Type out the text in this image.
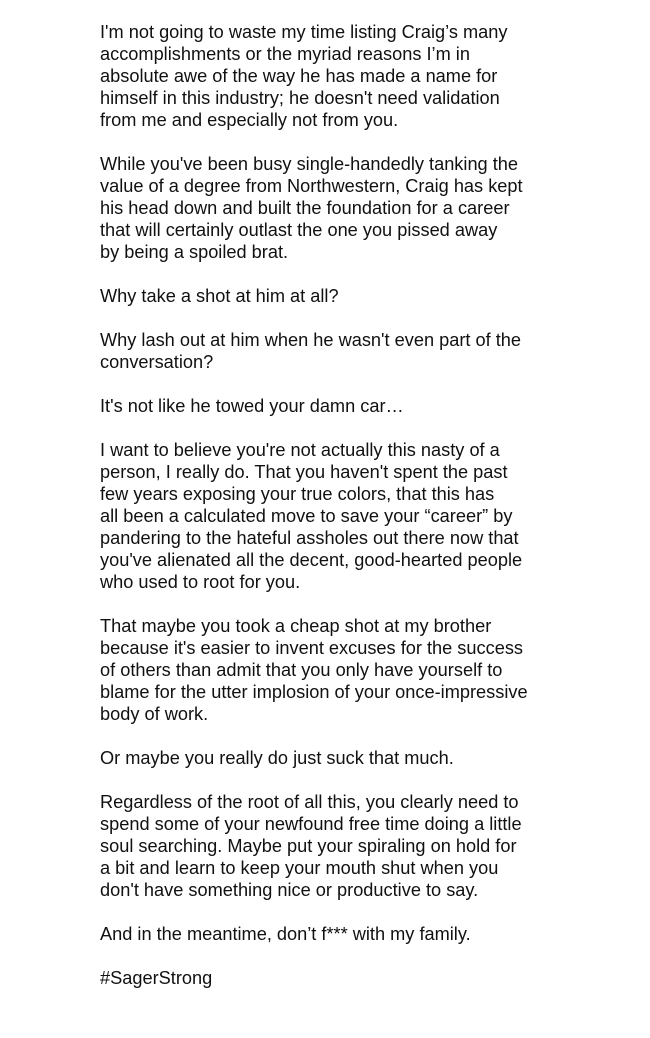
I'm not going to waste my time listing Craig’s many
accomplishments or the myriad reasons I’m in
absolute awe of the way he has made a name for
himself in this industry; he doesn't need validation
from me and especially not from you.

While you've been busy single-handedly tanking the
value of a degree from Northwestern, Craig has kept
his head down and built the foundation for a career
that will certainly outlast the one you pissed away
by being a spoiled brat.

Why take a shot at him at all?

Why lash out at him when he wasn't even part of the
conversation?

It's not like he towed your damn car…

I want to believe you're not actually this nasty of a
person, I really do. That you haven't spent the past
few years exposing your true colors, that this has
all been a calculated move to save your “career” by
pandering to the hateful assholes out there now that
you've alienated all the decent, good-hearted people
who used to root for you.

That maybe you took a cheap shot at my brother
because it's easier to invent excuses for the success
of others than admit that you only have yourself to
blame for the utter implosion of your once-impressive
body of work.

Or maybe you really do just suck that much.

Regardless of the root of all this, you clearly need to
spend some of your newfound free time doing a little
soul searching. Maybe put your spiraling on hold for
a bit and learn to keep your mouth shut when you
don't have something nice or productive to say.

And in the meantime, don’t f*** with my family.

#SagerStrong
